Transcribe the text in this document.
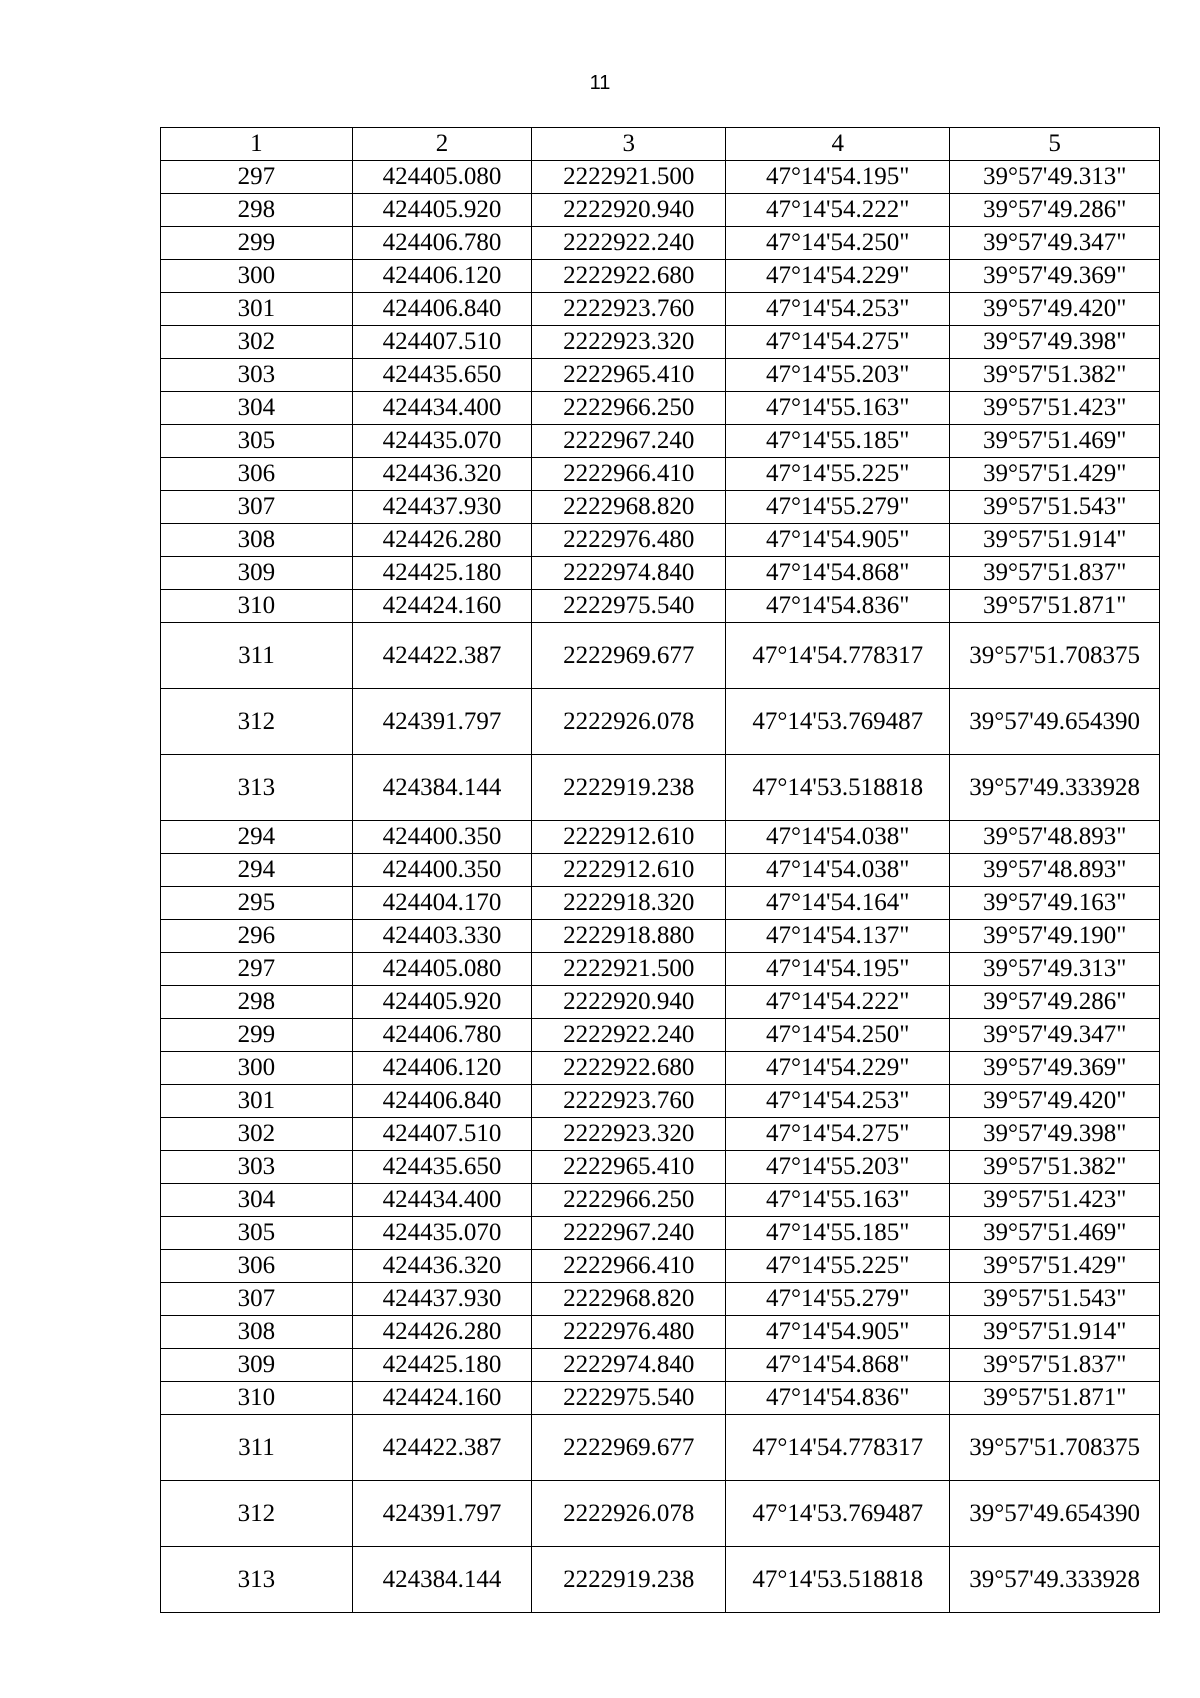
11
1	2	3	4	5
297	424405.080	2222921.500	47°14'54.195"	39°57'49.313"
298	424405.920	2222920.940	47°14'54.222"	39°57'49.286"
299	424406.780	2222922.240	47°14'54.250"	39°57'49.347"
300	424406.120	2222922.680	47°14'54.229"	39°57'49.369"
301	424406.840	2222923.760	47°14'54.253"	39°57'49.420"
302	424407.510	2222923.320	47°14'54.275"	39°57'49.398"
303	424435.650	2222965.410	47°14'55.203"	39°57'51.382"
304	424434.400	2222966.250	47°14'55.163"	39°57'51.423"
305	424435.070	2222967.240	47°14'55.185"	39°57'51.469"
306	424436.320	2222966.410	47°14'55.225"	39°57'51.429"
307	424437.930	2222968.820	47°14'55.279"	39°57'51.543"
308	424426.280	2222976.480	47°14'54.905"	39°57'51.914"
309	424425.180	2222974.840	47°14'54.868"	39°57'51.837"
310	424424.160	2222975.540	47°14'54.836"	39°57'51.871"
311	424422.387	2222969.677	47°14'54.778317	39°57'51.708375
312	424391.797	2222926.078	47°14'53.769487	39°57'49.654390
313	424384.144	2222919.238	47°14'53.518818	39°57'49.333928
294	424400.350	2222912.610	47°14'54.038"	39°57'48.893"
294	424400.350	2222912.610	47°14'54.038"	39°57'48.893"
295	424404.170	2222918.320	47°14'54.164"	39°57'49.163"
296	424403.330	2222918.880	47°14'54.137"	39°57'49.190"
297	424405.080	2222921.500	47°14'54.195"	39°57'49.313"
298	424405.920	2222920.940	47°14'54.222"	39°57'49.286"
299	424406.780	2222922.240	47°14'54.250"	39°57'49.347"
300	424406.120	2222922.680	47°14'54.229"	39°57'49.369"
301	424406.840	2222923.760	47°14'54.253"	39°57'49.420"
302	424407.510	2222923.320	47°14'54.275"	39°57'49.398"
303	424435.650	2222965.410	47°14'55.203"	39°57'51.382"
304	424434.400	2222966.250	47°14'55.163"	39°57'51.423"
305	424435.070	2222967.240	47°14'55.185"	39°57'51.469"
306	424436.320	2222966.410	47°14'55.225"	39°57'51.429"
307	424437.930	2222968.820	47°14'55.279"	39°57'51.543"
308	424426.280	2222976.480	47°14'54.905"	39°57'51.914"
309	424425.180	2222974.840	47°14'54.868"	39°57'51.837"
310	424424.160	2222975.540	47°14'54.836"	39°57'51.871"
311	424422.387	2222969.677	47°14'54.778317	39°57'51.708375
312	424391.797	2222926.078	47°14'53.769487	39°57'49.654390
313	424384.144	2222919.238	47°14'53.518818	39°57'49.333928
